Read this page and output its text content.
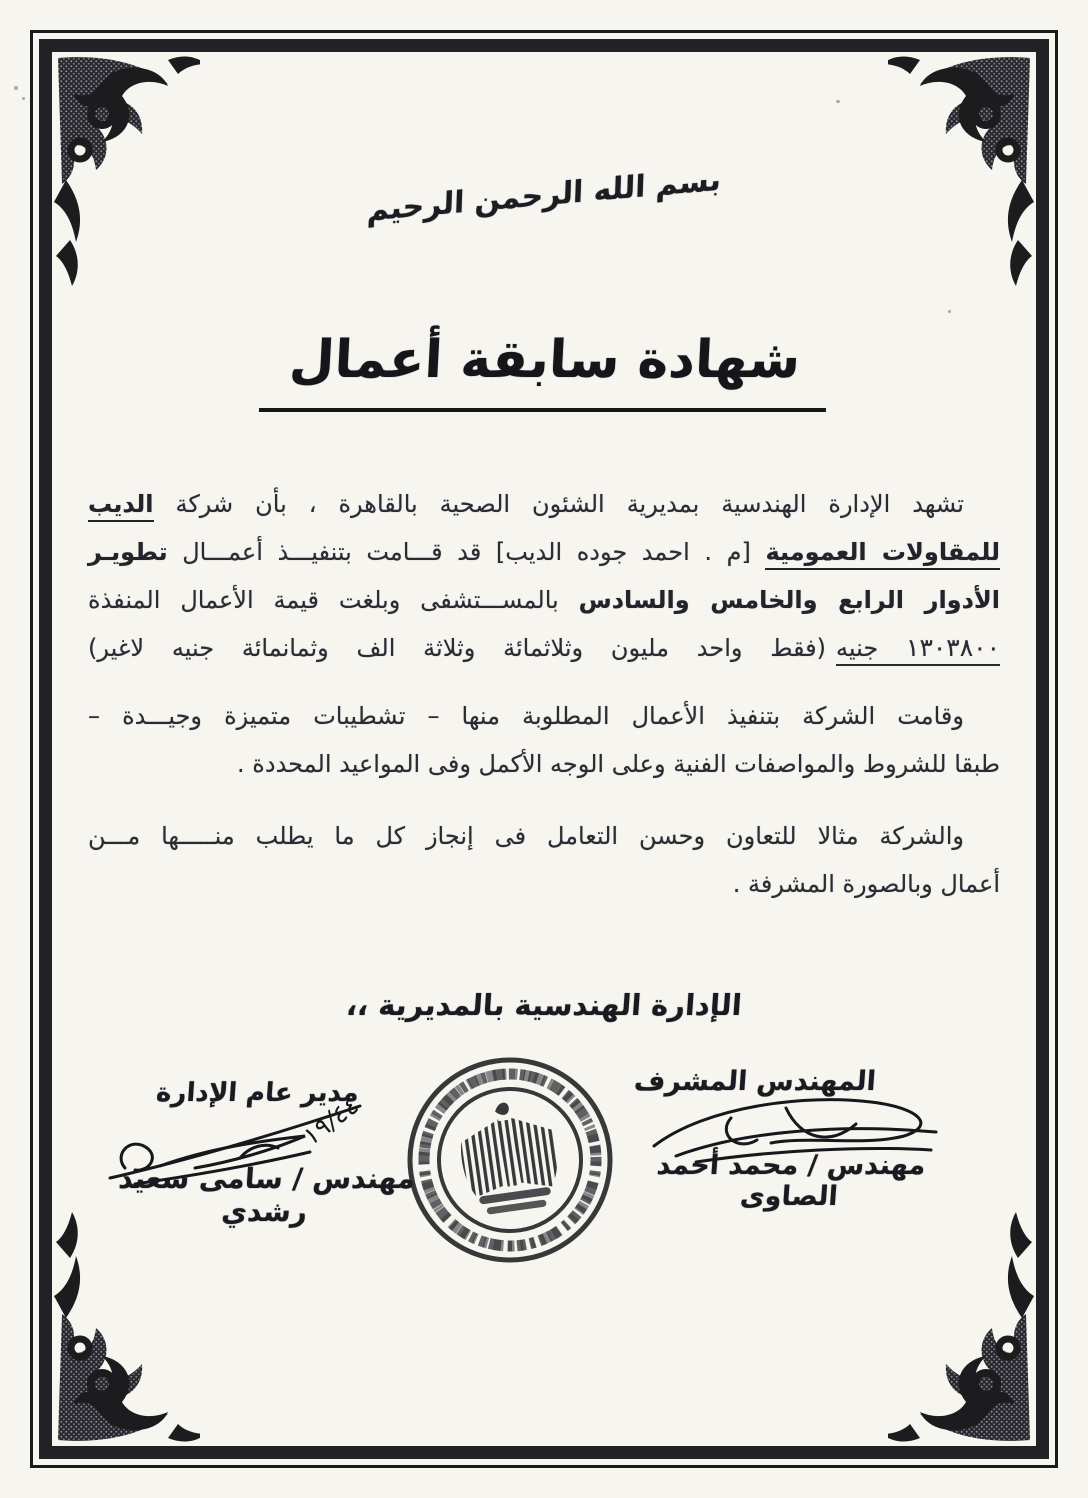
بسم الله الرحمن الرحيم
شهادة سابقة أعمال
تشهد الإدارة الهندسية بمديرية الشئون الصحية بالقاهرة ، بأن شركة الديب
للمقاولات العمومية [م . احمد جوده الديب] قد قـــامت بتنفيـــذ أعمـــال تطويـر
الأدوار الرابع والخامس والسادس بالمســـتشفى وبلغت قيمة الأعمال المنفذة
١٣٠٣٨٠٠ جنيه(فقط واحد مليون وثلاثمائة وثلاثة الف وثمانمائة جنيه لاغير)
وقامت الشركة بتنفيذ الأعمال المطلوبة منها – تشطيبات متميزة وجيـــدة –
طبقا للشروط والمواصفات الفنية وعلى الوجه الأكمل وفى المواعيد المحددة .
والشركة مثالا للتعاون وحسن التعامل فى إنجاز كل ما يطلب منـــــها مـــن
أعمال وبالصورة المشرفة .
الإدارة الهندسية بالمديرية ،،
المهندس المشرف
مهندس / محمد أحمد الصاوى
مدير عام الإدارة
١٩/٤٤
مهندس / سامى سعيد رشدي
